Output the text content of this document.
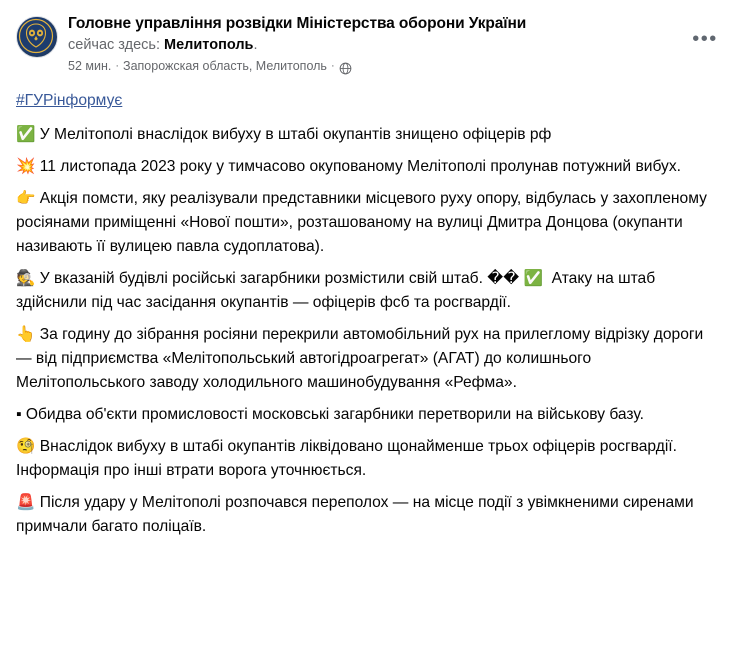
Головне управління розвідки Міністерства оборони України
сейчас здесь: Мелитополь.
52 мин. · Запорожская область, Мелитополь ·
•••
#ГУРінформує

✅ У Мелітополі внаслідок вибуху в штабі окупантів знищено офіцерів рф

💥 11 листопада 2023 року у тимчасово окупованому Мелітополі пролунав потужний вибух.

👉 Акція помсти, яку реалізували представники місцевого руху опору, відбулась у захопленому росіянами приміщенні «Нової пошти», розташованому на вулиці Дмитра Донцова (окупанти називають її вулицею павла судоплатова).

🕵 У вказаній будівлі російські загарбники розмістили свій штаб. �� ✅  Атаку на штаб здійснили під час засідання окупантів — офіцерів фсб та росгвардії.

👆 За годину до зібрання росіяни перекрили автомобільний рух на прилеглому відрізку дороги — від підприємства «Мелітопольський автогідроагрегат» (АГАТ) до колишнього Мелітопольського заводу холодильного машинобудування «Рефма».

▪ Обидва об'єкти промисловості московські загарбники перетворили на військову базу.

🧐 Внаслідок вибуху в штабі окупантів ліквідовано щонайменше трьох офіцерів росгвардії. Інформація про інші втрати ворога уточнюється.

🚨 Після удару у Мелітополі розпочався переполох — на місце події з увімкненими сиренами примчали багато поліцаїв.
